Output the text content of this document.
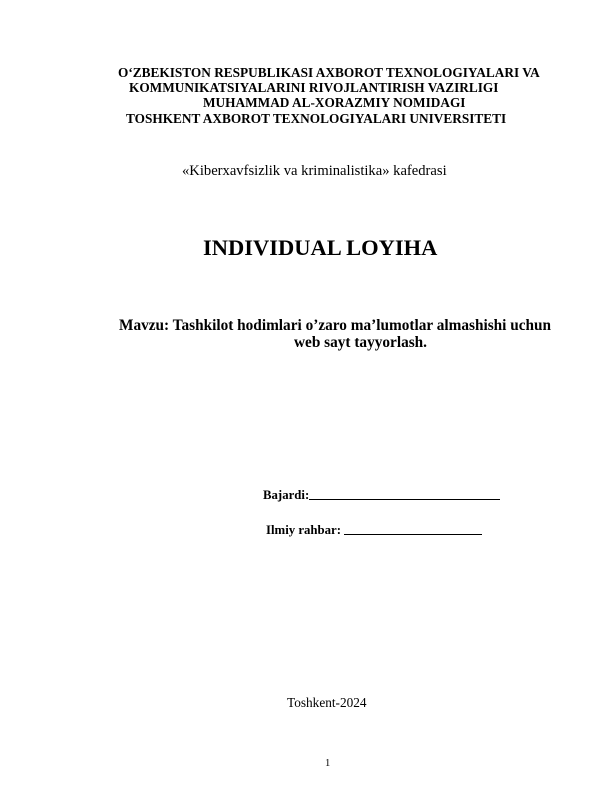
O‘ZBEKISTON RESPUBLIKASI AXBOROT TEXNOLOGIYALARI VA
KOMMUNIKATSIYALARINI RIVOJLANTIRISH VAZIRLIGI
MUHAMMAD AL-XORAZMIY NOMIDAGI
TOSHKENT AXBOROT TEXNOLOGIYALARI UNIVERSITETI
«Kiberxavfsizlik va kriminalistika» kafedrasi
INDIVIDUAL LOYIHA
Mavzu: Tashkilot hodimlari o’zaro ma’lumotlar almashishi uchun
web sayt tayyorlash.
Bajardi:
Ilmiy rahbar:
Toshkent-2024
1
